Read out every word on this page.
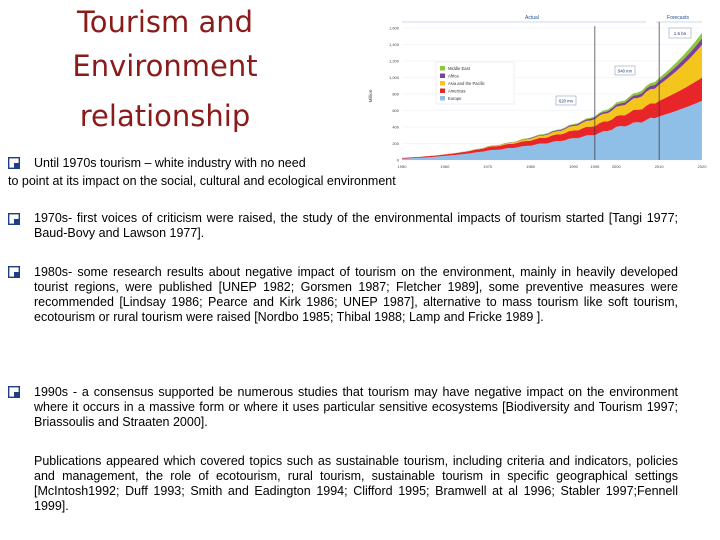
Tourism and
Environment
relationship
Actual	Forecasts
Million
1,600
1,400
1,200
1,000
800
600
400
200
0
1950	1960	1970	1980	1990	1995	2000	2010	2020
Middle East
Africa
Asia and the Pacific
Americas
Europe
1.6 bn
940 mn
620 mn
Until 1970s tourism – white industry with no need
to point at its impact on the social, cultural and ecological environment
1970s- first voices of criticism were raised, the study of the environmental impacts of tourism started [Tangi 1977; Baud-Bovy and Lawson 1977].
1980s- some research results about negative impact of tourism on the environment, mainly in heavily developed tourist regions, were published [UNEP 1982; Gorsmen 1987; Fletcher 1989], some preventive measures were recommended [Lindsay 1986; Pearce and Kirk 1986; UNEP 1987], alternative to mass tourism like soft tourism, ecotourism or rural tourism were raised [Nordbo 1985; Thibal 1988; Lamp and Fricke 1989 ].
1990s - a consensus supported be numerous studies that tourism may have negative impact on the environment where it occurs in a massive form or where it uses particular sensitive ecosystems [Biodiversity and Tourism 1997; Briassoulis and Straaten 2000].
Publications appeared which covered topics such as sustainable tourism, including criteria and indicators, policies and management, the role of ecotourism, rural tourism, sustainable tourism in specific geographical settings [McIntosh1992; Duff 1993; Smith and Eadington 1994; Clifford 1995; Bramwell at al 1996; Stabler 1997;Fennell 1999].
